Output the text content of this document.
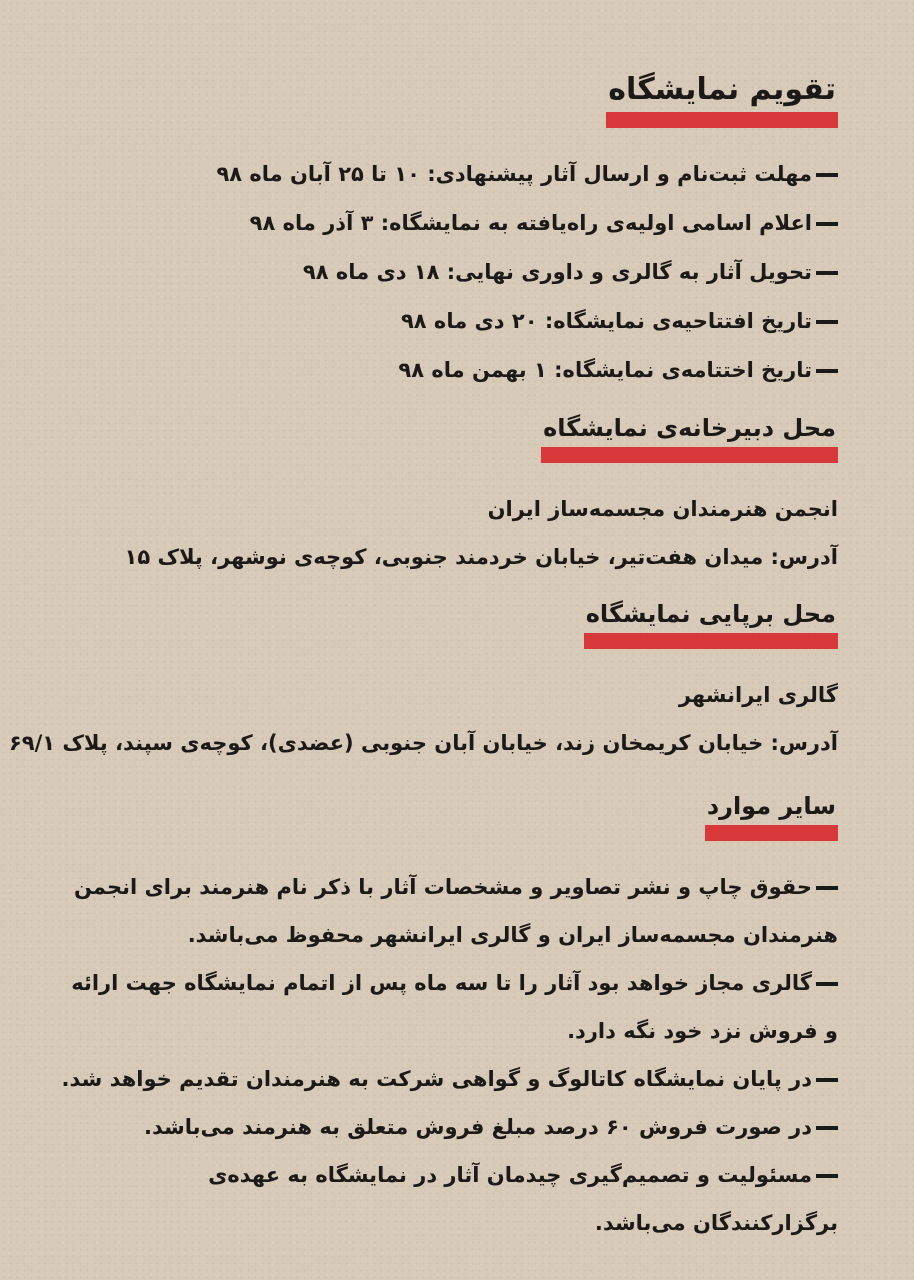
تقویم نمایشگاه
مهلت ثبت‌نام و ارسال آثار پیشنهادی: ۱۰ تا ۲۵ آبان ماه ۹۸
اعلام اسامی اولیه‌ی راه‌یافته به نمایشگاه: ۳ آذر ماه ۹۸
تحویل آثار به گالری و داوری نهایی: ۱۸ دی ماه ۹۸
تاریخ افتتاحیه‌ی نمایشگاه: ۲۰ دی ماه ۹۸
تاریخ اختتامه‌ی نمایشگاه: ۱ بهمن ماه ۹۸
محل دبیرخانه‌ی نمایشگاه
انجمن هنرمندان مجسمه‌ساز ایران
آدرس: میدان هفت‌تیر، خیابان خردمند جنوبی، کوچه‌ی نوشهر، پلاک ۱۵
محل برپایی نمایشگاه
گالری ایرانشهر
آدرس: خیابان کریمخان زند، خیابان آبان جنوبی (عضدی)، کوچه‌ی سپند، پلاک ۶۹/۱
سایر موارد
حقوق چاپ و نشر تصاویر و مشخصات آثار با ذکر نام هنرمند برای انجمن هنرمندان مجسمه‌ساز ایران و گالری ایرانشهر محفوظ می‌باشد.
گالری مجاز خواهد بود آثار را تا سه ماه پس از اتمام نمایشگاه جهت ارائه و فروش نزد خود نگه دارد.
در پایان نمایشگاه کاتالوگ و گواهی شرکت به هنرمندان تقدیم خواهد شد.
در صورت فروش ۶۰ درصد مبلغ فروش متعلق به هنرمند می‌باشد.
مسئولیت و تصمیم‌گیری چیدمان آثار در نمایشگاه به عهده‌ی برگزارکنندگان می‌باشد.
